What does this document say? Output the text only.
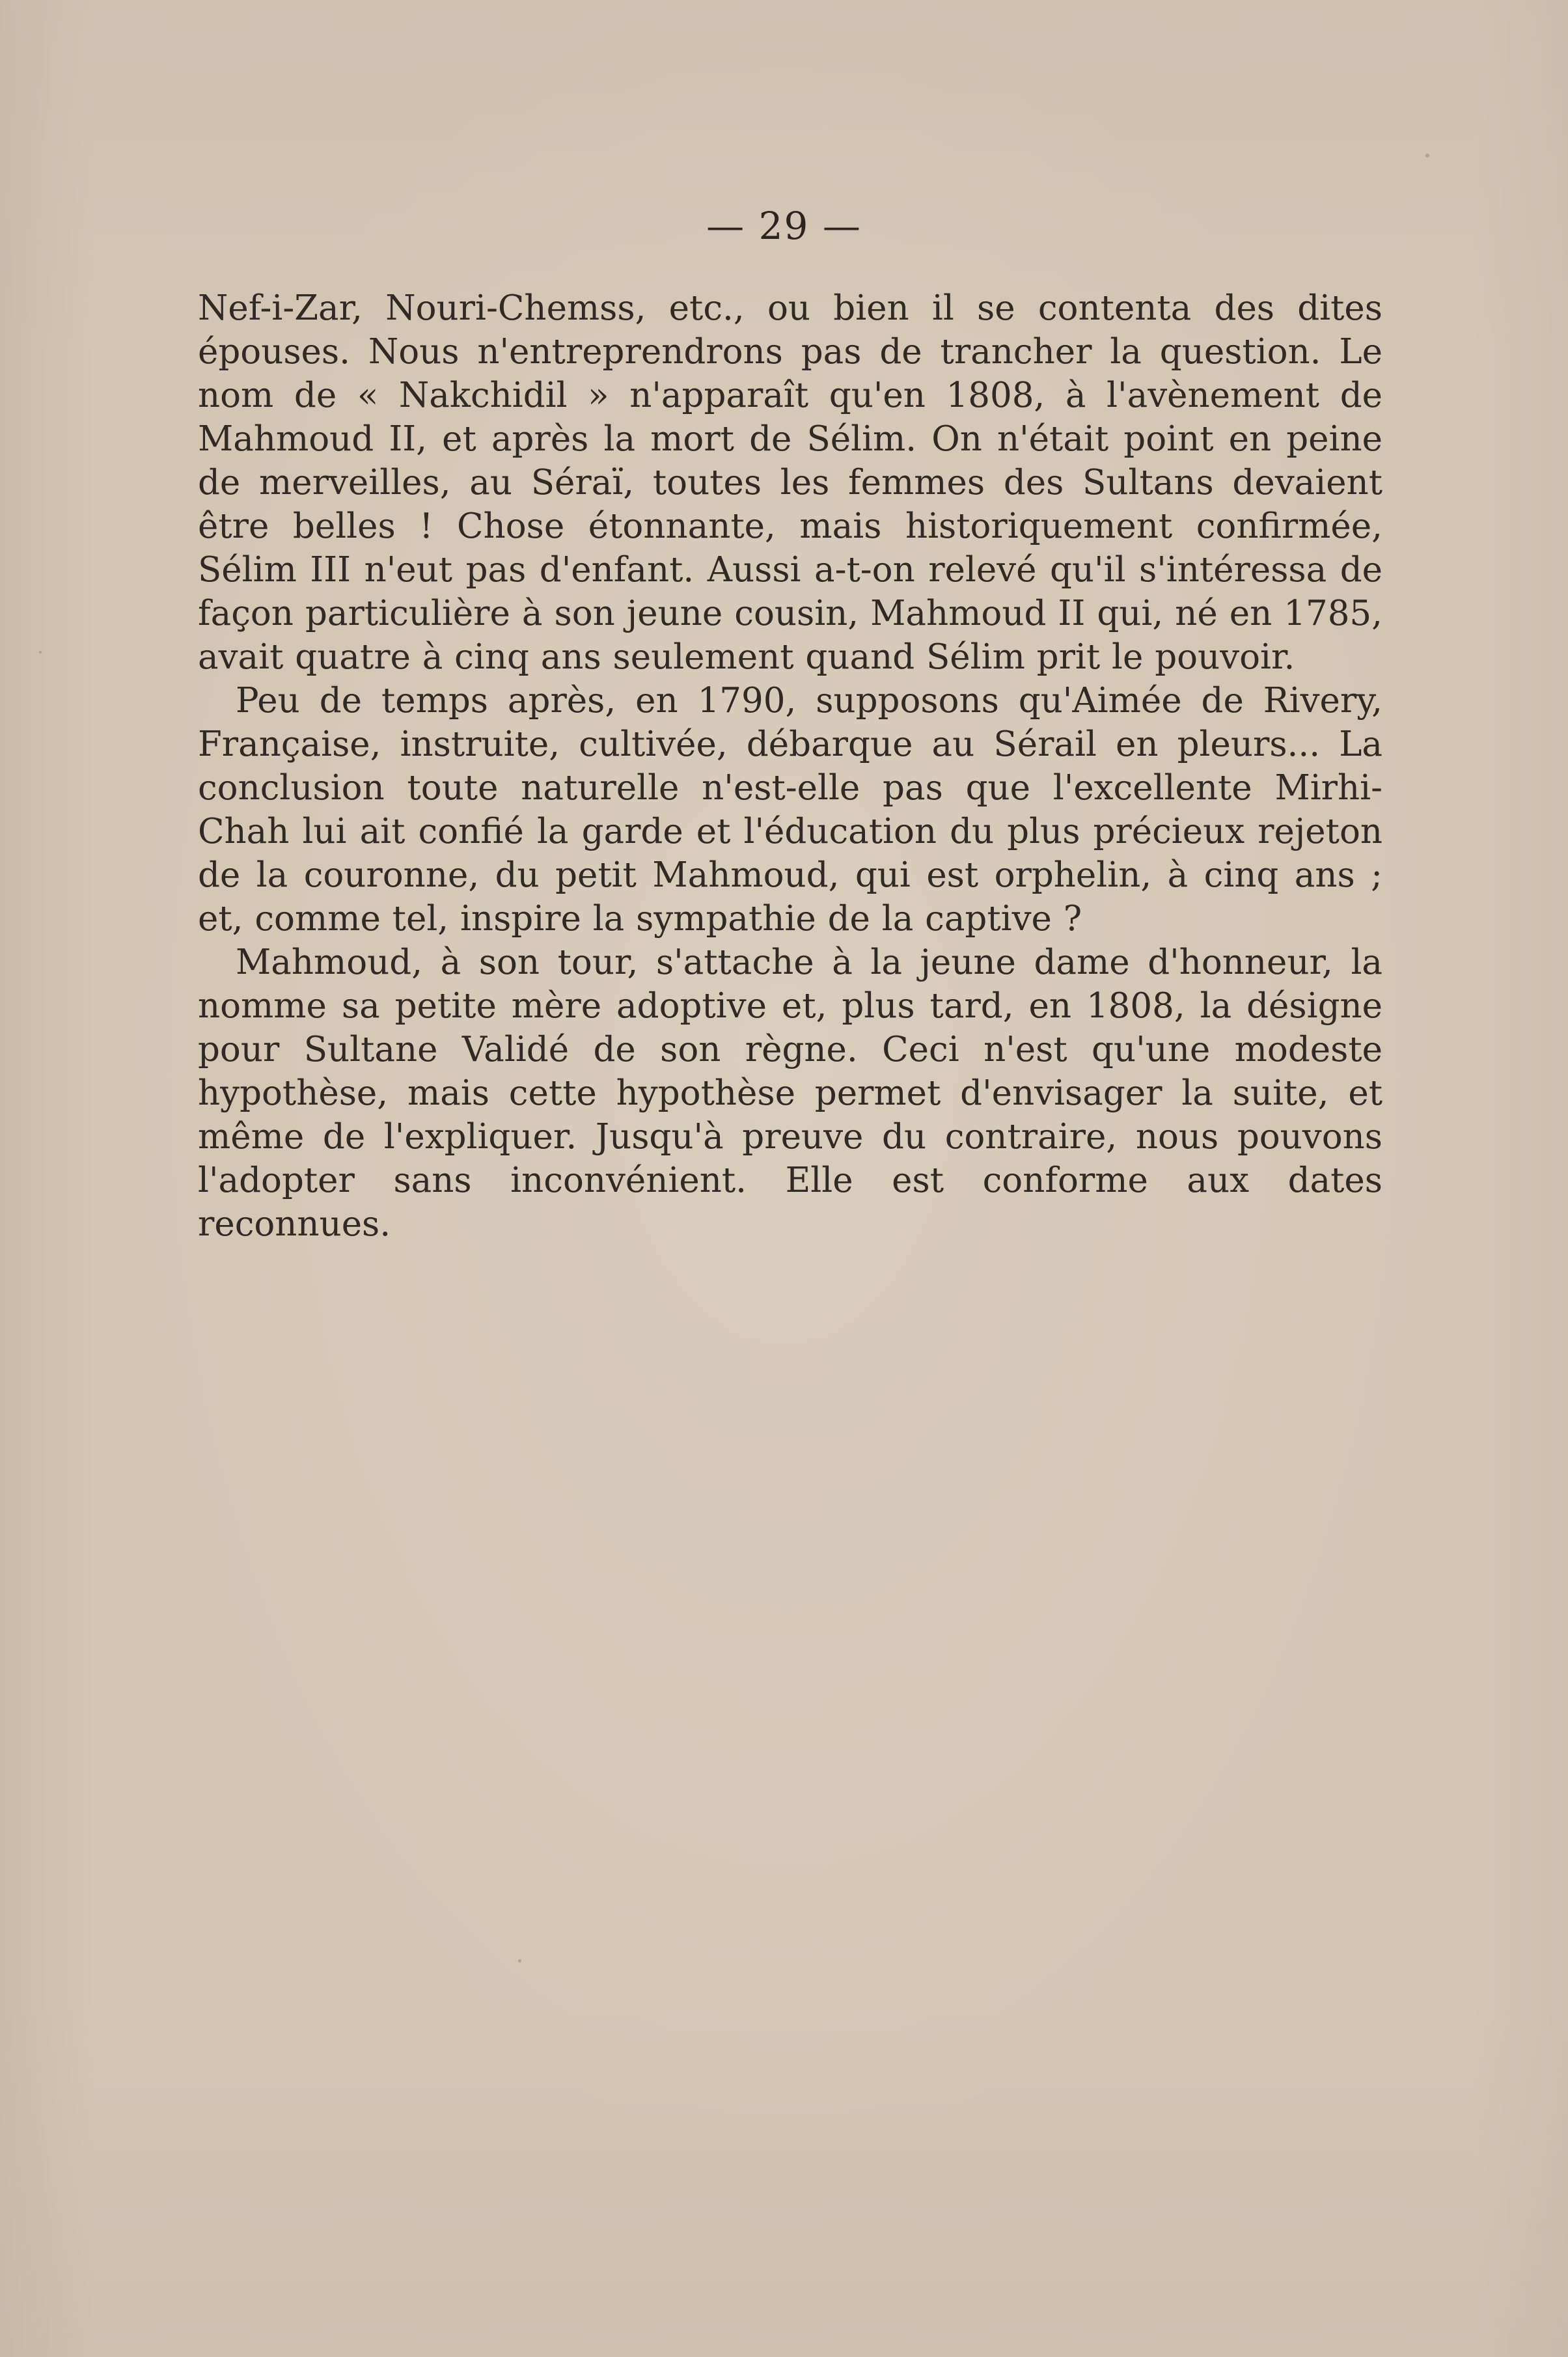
— 29 —

Nef-i-Zar, Nouri-Chemss, etc., ou bien il se contenta des dites épouses. Nous n'entreprendrons pas de trancher la question. Le nom de « Nakchidil » n'apparaît qu'en 1808, à l'avènement de Mahmoud II, et après la mort de Sélim. On n'était point en peine de merveilles, au Séraï, toutes les femmes des Sultans devaient être belles ! Chose étonnante, mais historiquement confirmée, Sélim III n'eut pas d'enfant. Aussi a-t-on relevé qu'il s'intéressa de façon particulière à son jeune cousin, Mahmoud II qui, né en 1785, avait quatre à cinq ans seulement quand Sélim prit le pouvoir.

Peu de temps après, en 1790, supposons qu'Aimée de Rivery, Française, instruite, cultivée, débarque au Sérail en pleurs... La conclusion toute naturelle n'est-elle pas que l'excellente Mirhi-Chah lui ait confié la garde et l'éducation du plus précieux rejeton de la couronne, du petit Mahmoud, qui est orphelin, à cinq ans ; et, comme tel, inspire la sympathie de la captive ?

Mahmoud, à son tour, s'attache à la jeune dame d'honneur, la nomme sa petite mère adoptive et, plus tard, en 1808, la désigne pour Sultane Validé de son règne. Ceci n'est qu'une modeste hypothèse, mais cette hypothèse permet d'envisager la suite, et même de l'expliquer. Jusqu'à preuve du contraire, nous pouvons l'adopter sans inconvénient. Elle est conforme aux dates reconnues.
